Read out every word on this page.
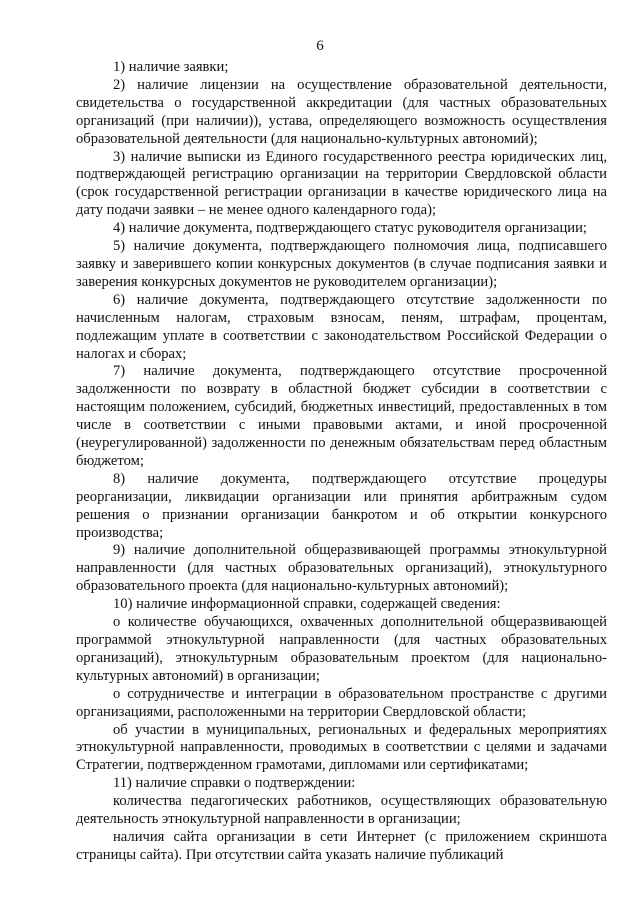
6

1) наличие заявки;

2) наличие лицензии на осуществление образовательной деятельности, свидетельства о государственной аккредитации (для частных образовательных организаций (при наличии)), устава, определяющего возможность осуществления образовательной деятельности (для национально-культурных автономий);

3) наличие выписки из Единого государственного реестра юридических лиц, подтверждающей регистрацию организации на территории Свердловской области (срок государственной регистрации организации в качестве юридического лица на дату подачи заявки – не менее одного календарного года);

4) наличие документа, подтверждающего статус руководителя организации;

5) наличие документа, подтверждающего полномочия лица, подписавшего заявку и заверившего копии конкурсных документов (в случае подписания заявки и заверения конкурсных документов не руководителем организации);

6) наличие документа, подтверждающего отсутствие задолженности по начисленным налогам, страховым взносам, пеням, штрафам, процентам, подлежащим уплате в соответствии с законодательством Российской Федерации о налогах и сборах;

7) наличие документа, подтверждающего отсутствие просроченной задолженности по возврату в областной бюджет субсидии в соответствии с настоящим положением, субсидий, бюджетных инвестиций, предоставленных в том числе в соответствии с иными правовыми актами, и иной просроченной (неурегулированной) задолженности по денежным обязательствам перед областным бюджетом;

8) наличие документа, подтверждающего отсутствие процедуры реорганизации, ликвидации организации или принятия арбитражным судом решения о признании организации банкротом и об открытии конкурсного производства;

9) наличие дополнительной общеразвивающей программы этнокультурной направленности (для частных образовательных организаций), этнокультурного образовательного проекта (для национально-культурных автономий);

10) наличие информационной справки, содержащей сведения:

о количестве обучающихся, охваченных дополнительной общеразвивающей программой этнокультурной направленности (для частных образовательных организаций), этнокультурным образовательным проектом (для национально-культурных автономий) в организации;

о сотрудничестве и интеграции в образовательном пространстве с другими организациями, расположенными на территории Свердловской области;

об участии в муниципальных, региональных и федеральных мероприятиях этнокультурной направленности, проводимых в соответствии с целями и задачами Стратегии, подтвержденном грамотами, дипломами или сертификатами;

11) наличие справки о подтверждении:

количества педагогических работников, осуществляющих образовательную деятельность этнокультурной направленности в организации;

наличия сайта организации в сети Интернет (с приложением скриншота страницы сайта). При отсутствии сайта указать наличие публикаций
